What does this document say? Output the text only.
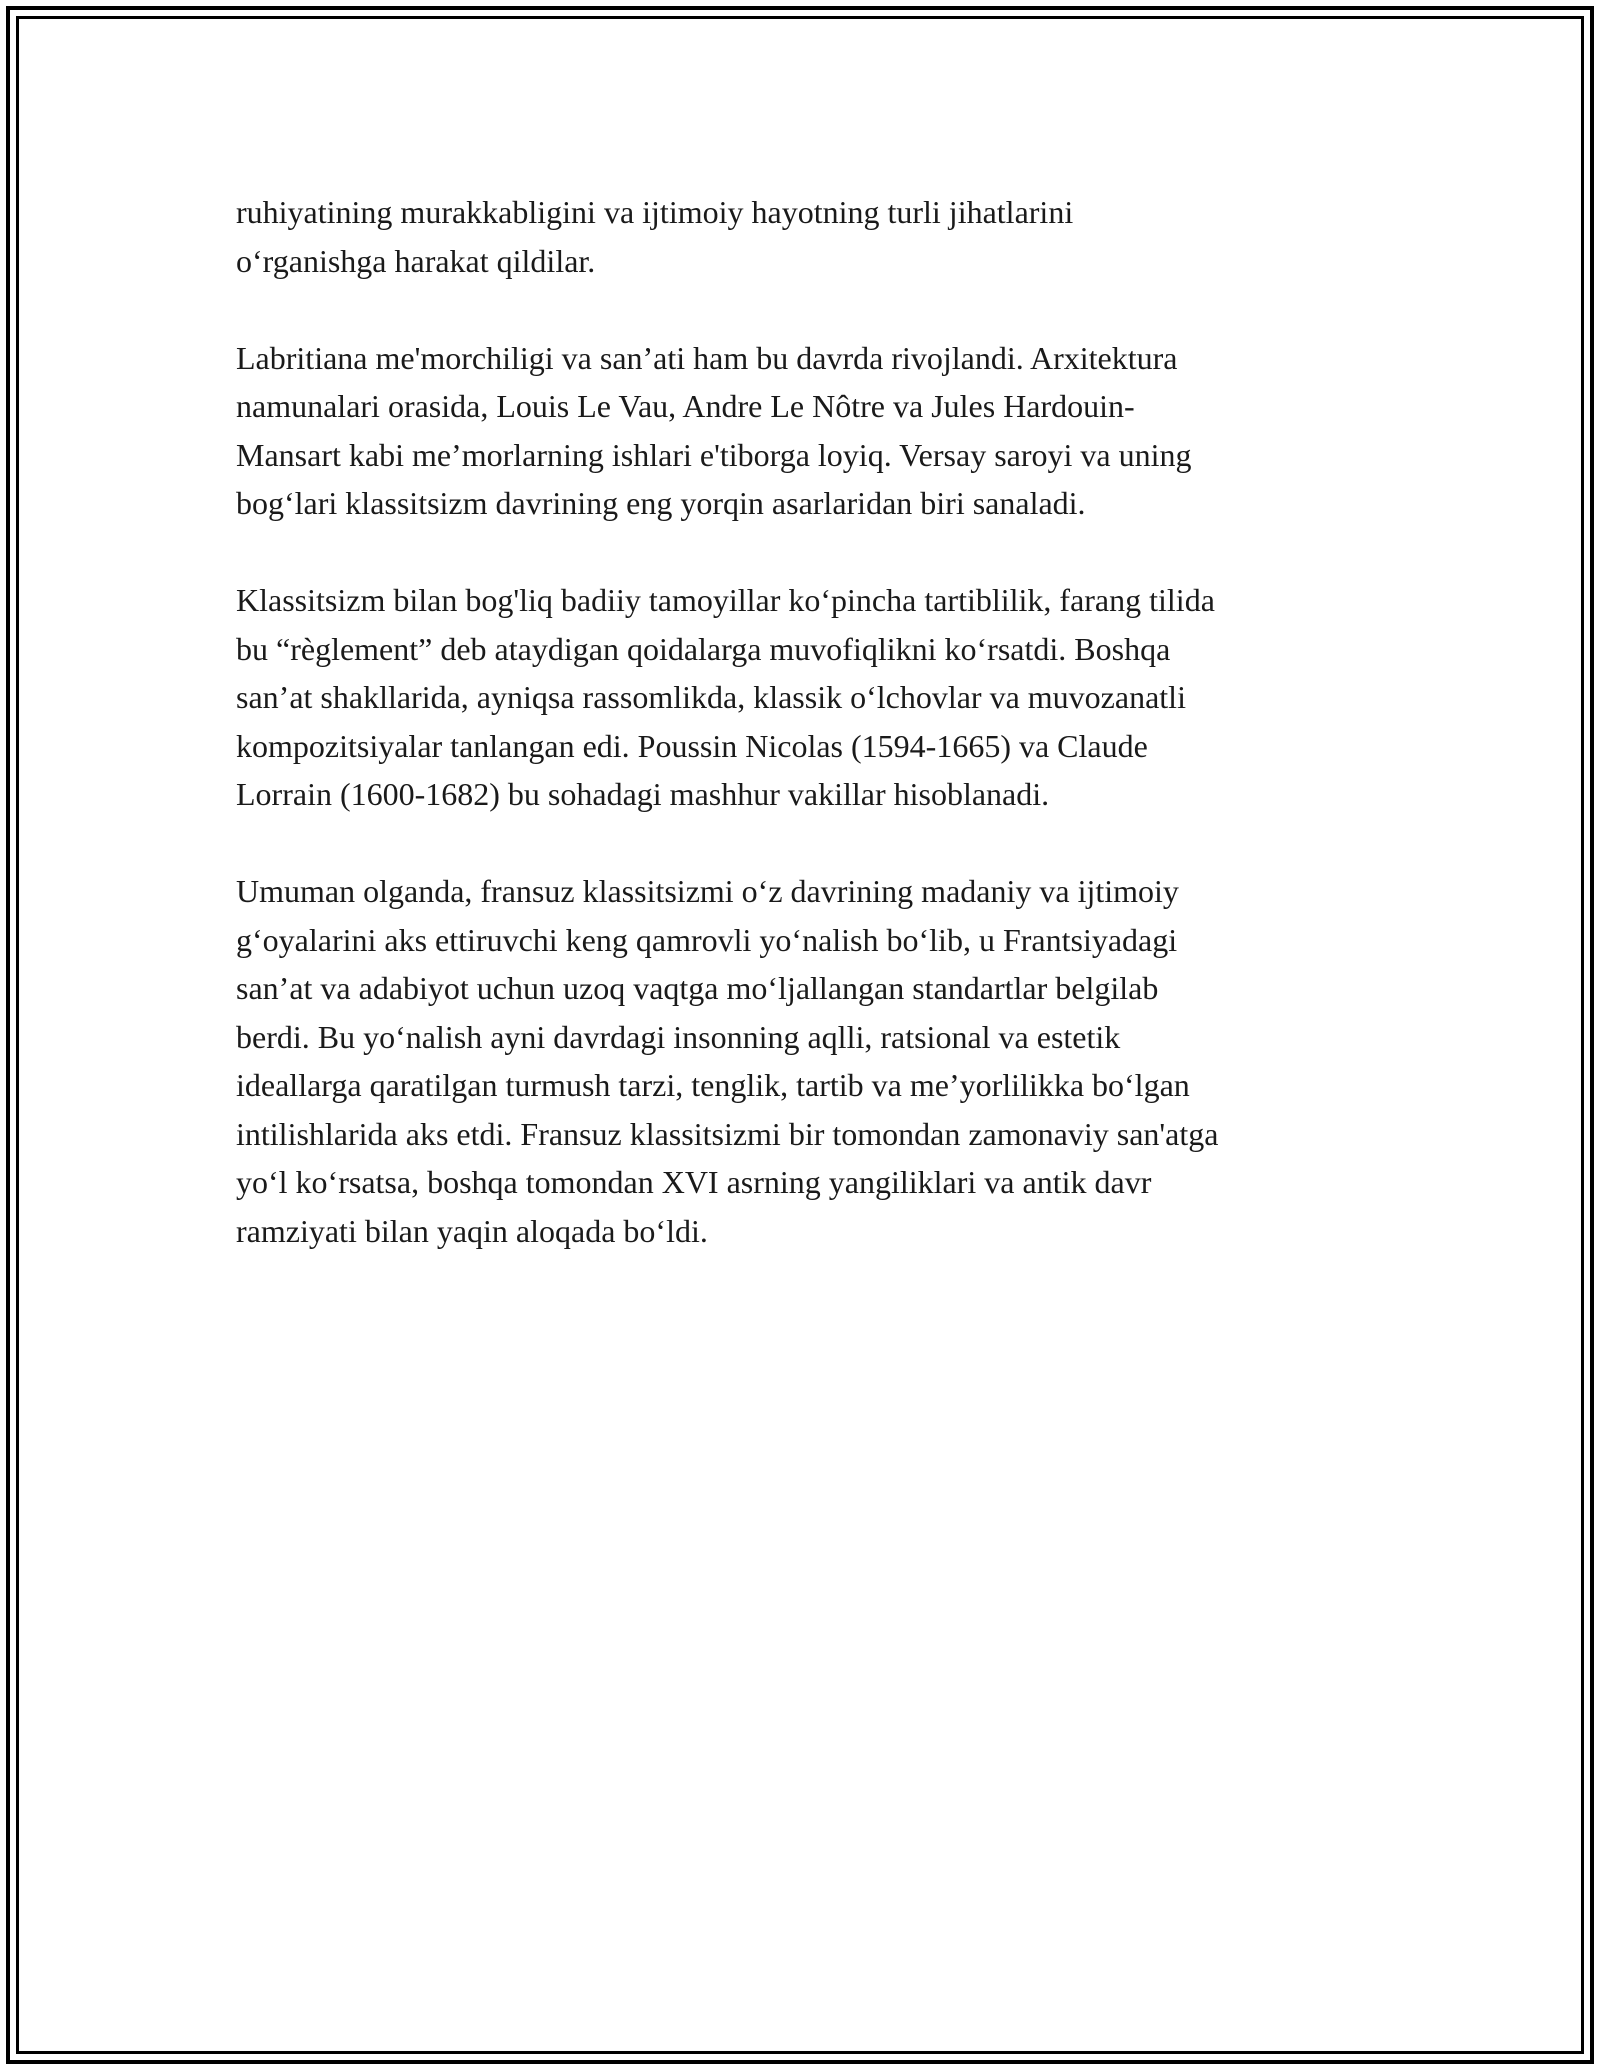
ruhiyatining murakkabligini va ijtimoiy hayotning turli jihatlarini
o‘rganishga harakat qildilar.

Labritiana me'morchiligi va san’ati ham bu davrda rivojlandi. Arxitektura
namunalari orasida, Louis Le Vau, Andre Le Nôtre va Jules Hardouin-
Mansart kabi me’morlarning ishlari e'tiborga loyiq. Versay saroyi va uning
bog‘lari klassitsizm davrining eng yorqin asarlaridan biri sanaladi.

Klassitsizm bilan bog'liq badiiy tamoyillar ko‘pincha tartiblilik, farang tilida
bu “règlement” deb ataydigan qoidalarga muvofiqlikni ko‘rsatdi. Boshqa
san’at shakllarida, ayniqsa rassomlikda, klassik o‘lchovlar va muvozanatli
kompozitsiyalar tanlangan edi. Poussin Nicolas (1594-1665) va Claude
Lorrain (1600-1682) bu sohadagi mashhur vakillar hisoblanadi.

Umuman olganda, fransuz klassitsizmi o‘z davrining madaniy va ijtimoiy
g‘oyalarini aks ettiruvchi keng qamrovli yo‘nalish bo‘lib, u Frantsiyadagi
san’at va adabiyot uchun uzoq vaqtga mo‘ljallangan standartlar belgilab
berdi. Bu yo‘nalish ayni davrdagi insonning aqlli, ratsional va estetik
ideallarga qaratilgan turmush tarzi, tenglik, tartib va me’yorlilikka bo‘lgan
intilishlarida aks etdi. Fransuz klassitsizmi bir tomondan zamonaviy san'atga
yo‘l ko‘rsatsa, boshqa tomondan XVI asrning yangiliklari va antik davr
ramziyati bilan yaqin aloqada bo‘ldi.
